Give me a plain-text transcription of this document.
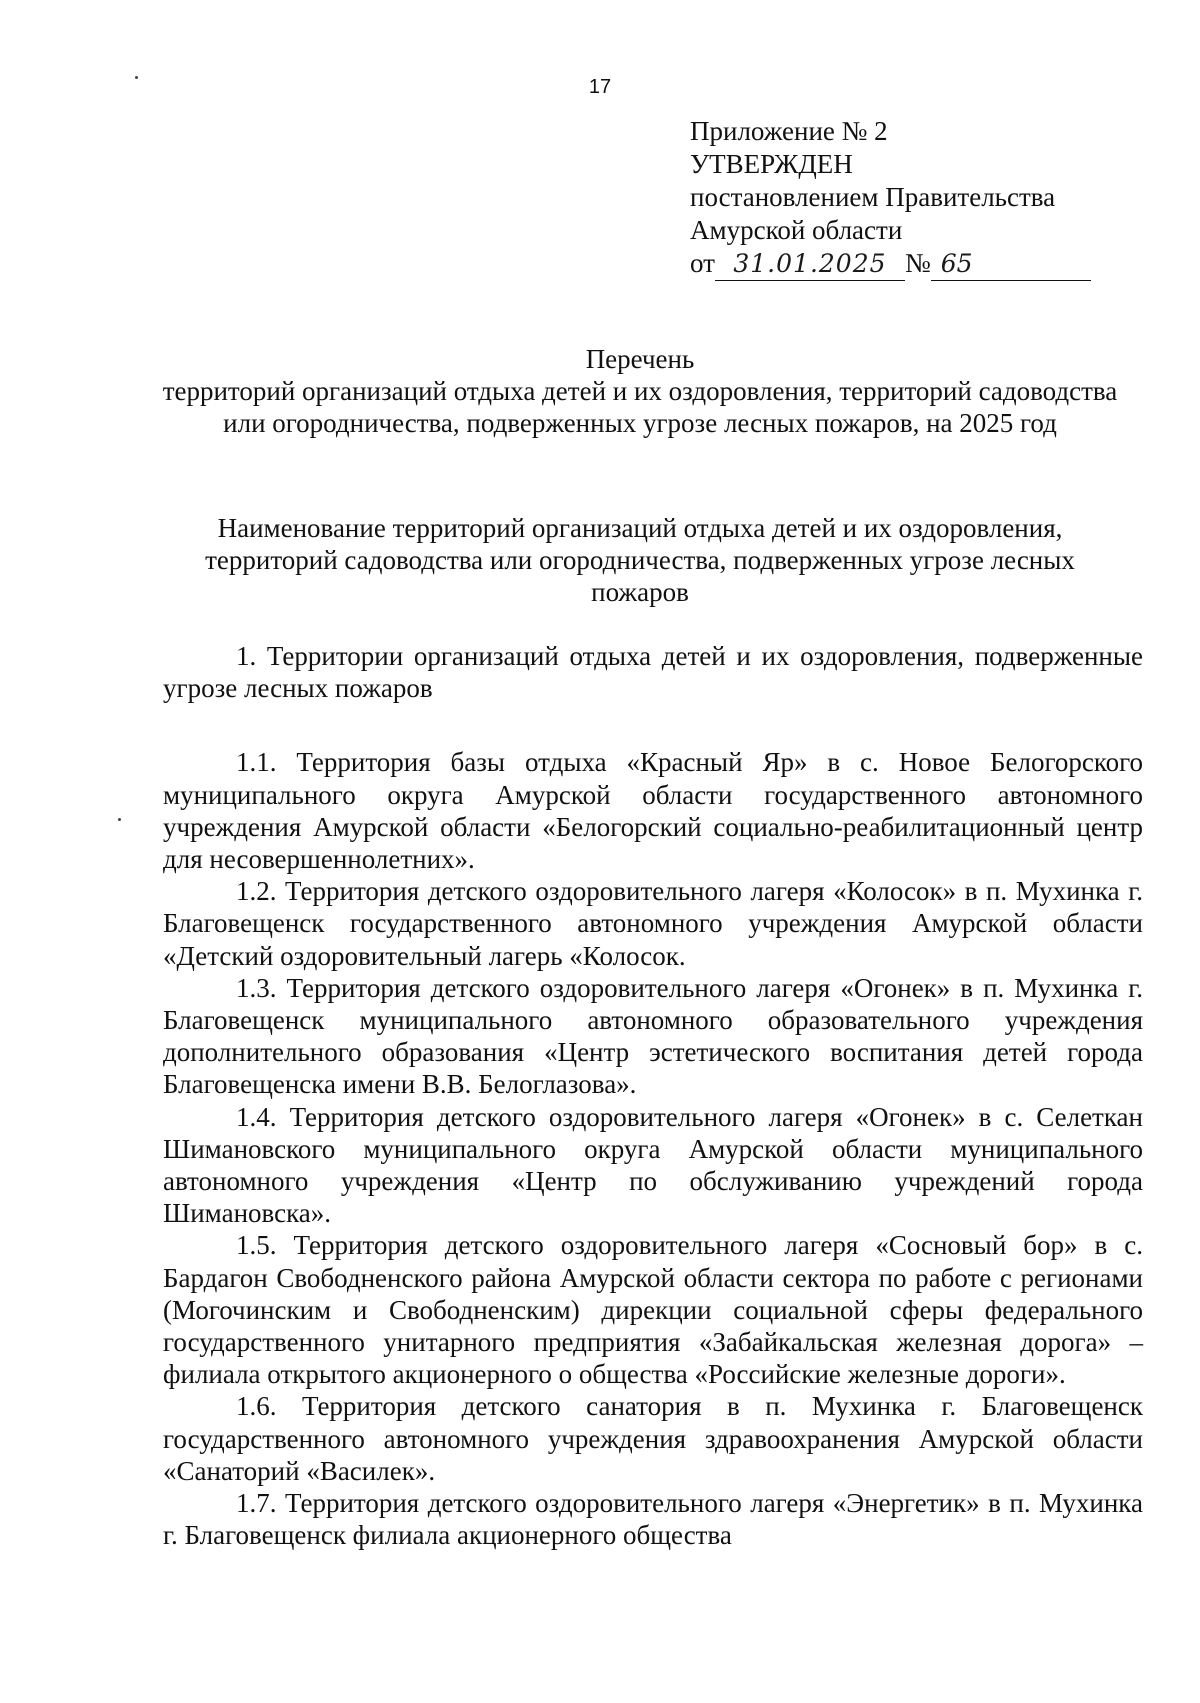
17
Приложение № 2
УТВЕРЖДЕН
постановлением Правительства
Амурской области
от 31.01.2025 № 65
Перечень
территорий организаций отдыха детей и их оздоровления, территорий садоводства или огородничества, подверженных угрозе лесных пожаров, на 2025 год
Наименование территорий организаций отдыха детей и их оздоровления, территорий садоводства или огородничества, подверженных угрозе лесных пожаров

1. Территории организаций отдыха детей и их оздоровления, подверженные угрозе лесных пожаров

1.1. Территория базы отдыха «Красный Яр» в с. Новое Белогорского муниципального округа Амурской области государственного автономного учреждения Амурской области «Белогорский социально-реабилитационный центр для несовершеннолетних».

1.2. Территория детского оздоровительного лагеря «Колосок» в п. Мухинка г. Благовещенск государственного автономного учреждения Амурской области «Детский оздоровительный лагерь «Колосок.

1.3. Территория детского оздоровительного лагеря «Огонек» в п. Мухинка г. Благовещенск муниципального автономного образовательного учреждения дополнительного образования «Центр эстетического воспитания детей города Благовещенска имени В.В. Белоглазова».

1.4. Территория детского оздоровительного лагеря «Огонек» в с. Селеткан Шимановского муниципального округа Амурской области муниципального автономного учреждения «Центр по обслуживанию учреждений города Шимановска».

1.5. Территория детского оздоровительного лагеря «Сосновый бор» в с. Бардагон Свободненского района Амурской области сектора по работе с регионами (Могочинским и Свободненским) дирекции социальной сферы федерального государственного унитарного предприятия «Забайкальская железная дорога» – филиала открытого акционерного о общества «Российские железные дороги».

1.6. Территория детского санатория в п. Мухинка г. Благовещенск государственного автономного учреждения здравоохранения Амурской области «Санаторий «Василек».

1.7. Территория детского оздоровительного лагеря «Энергетик» в п. Мухинка г. Благовещенск филиала акционерного общества
